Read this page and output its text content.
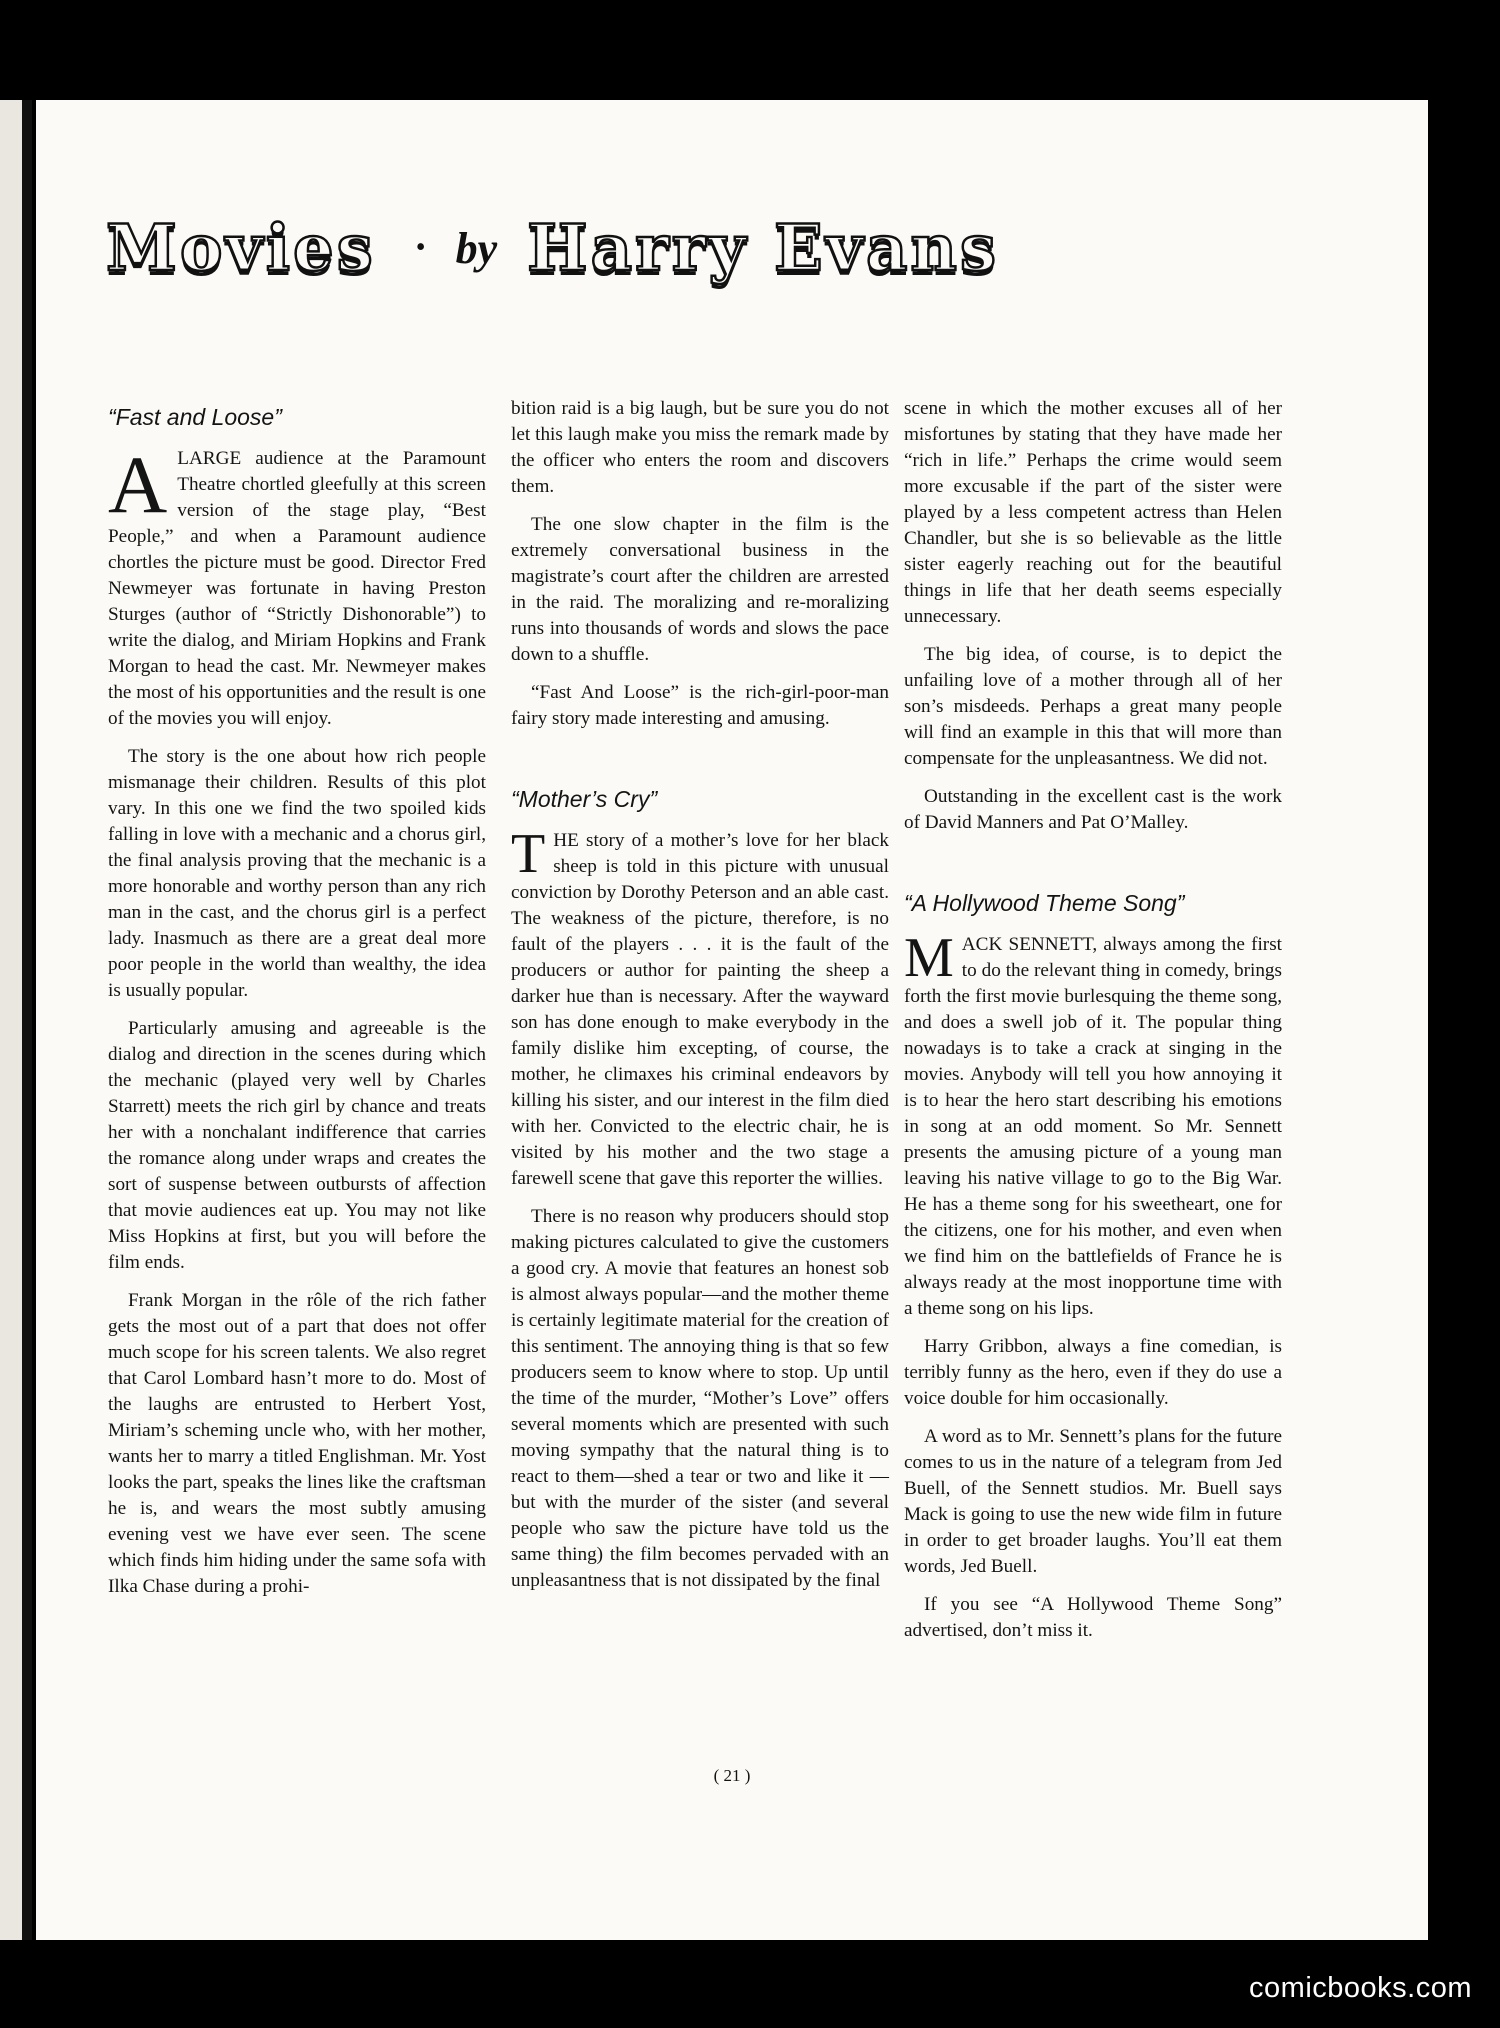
Movies • by Harry Evans
“Fast and Loose”

ALARGE audience at the Paramount Theatre chortled gleefully at this screen version of the stage play, “Best People,” and when a Paramount audience chortles the picture must be good. Director Fred Newmeyer was fortunate in having Preston Sturges (author of “Strictly Dishonorable”) to write the dialog, and Miriam Hopkins and Frank Morgan to head the cast. Mr. Newmeyer makes the most of his opportunities and the result is one of the movies you will enjoy.

The story is the one about how rich people mismanage their children. Results of this plot vary. In this one we find the two spoiled kids falling in love with a mechanic and a chorus girl, the final analysis proving that the mechanic is a more honorable and worthy person than any rich man in the cast, and the chorus girl is a perfect lady. Inasmuch as there are a great deal more poor people in the world than wealthy, the idea is usually popular.

Particularly amusing and agreeable is the dialog and direction in the scenes during which the mechanic (played very well by Charles Starrett) meets the rich girl by chance and treats her with a nonchalant indifference that carries the romance along under wraps and creates the sort of suspense between outbursts of affection that movie audiences eat up. You may not like Miss Hopkins at first, but you will before the film ends.

Frank Morgan in the rôle of the rich father gets the most out of a part that does not offer much scope for his screen talents. We also regret that Carol Lombard hasn’t more to do. Most of the laughs are entrusted to Herbert Yost, Miriam’s scheming uncle who, with her mother, wants her to marry a titled Englishman. Mr. Yost looks the part, speaks the lines like the craftsman he is, and wears the most subtly amusing evening vest we have ever seen. The scene which finds him hiding under the same sofa with Ilka Chase during a prohi-

bition raid is a big laugh, but be sure you do not let this laugh make you miss the remark made by the officer who enters the room and discovers them.

The one slow chapter in the film is the extremely conversational business in the magistrate’s court after the children are arrested in the raid. The moralizing and re-moralizing runs into thousands of words and slows the pace down to a shuffle.

“Fast And Loose” is the rich-girl-poor-man fairy story made interesting and amusing.

“Mother’s Cry”

THE story of a mother’s love for her black sheep is told in this picture with unusual conviction by Dorothy Peterson and an able cast. The weakness of the picture, therefore, is no fault of the players . . . it is the fault of the producers or author for painting the sheep a darker hue than is necessary. After the wayward son has done enough to make everybody in the family dislike him excepting, of course, the mother, he climaxes his criminal endeavors by killing his sister, and our interest in the film died with her. Convicted to the electric chair, he is visited by his mother and the two stage a farewell scene that gave this reporter the willies.

There is no reason why producers should stop making pictures calculated to give the customers a good cry. A movie that features an honest sob is almost always popular—and the mother theme is certainly legitimate material for the creation of this sentiment. The annoying thing is that so few producers seem to know where to stop. Up until the time of the murder, “Mother’s Love” offers several moments which are presented with such moving sympathy that the natural thing is to react to them—shed a tear or two and like it —but with the murder of the sister (and several people who saw the picture have told us the same thing) the film becomes pervaded with an unpleasantness that is not dissipated by the final

scene in which the mother excuses all of her misfortunes by stating that they have made her “rich in life.” Perhaps the crime would seem more excusable if the part of the sister were played by a less competent actress than Helen Chandler, but she is so believable as the little sister eagerly reaching out for the beautiful things in life that her death seems especially unnecessary.

The big idea, of course, is to depict the unfailing love of a mother through all of her son’s misdeeds. Perhaps a great many people will find an example in this that will more than compensate for the unpleasantness. We did not.

Outstanding in the excellent cast is the work of David Manners and Pat O’Malley.

“A Hollywood Theme Song”

MACK SENNETT, always among the first to do the relevant thing in comedy, brings forth the first movie burlesquing the theme song, and does a swell job of it. The popular thing nowadays is to take a crack at singing in the movies. Anybody will tell you how annoying it is to hear the hero start describing his emotions in song at an odd moment. So Mr. Sennett presents the amusing picture of a young man leaving his native village to go to the Big War. He has a theme song for his sweetheart, one for the citizens, one for his mother, and even when we find him on the battlefields of France he is always ready at the most inopportune time with a theme song on his lips.

Harry Gribbon, always a fine comedian, is terribly funny as the hero, even if they do use a voice double for him occasionally.

A word as to Mr. Sennett’s plans for the future comes to us in the nature of a telegram from Jed Buell, of the Sennett studios. Mr. Buell says Mack is going to use the new wide film in future in order to get broader laughs. You’ll eat them words, Jed Buell.

If you see “A Hollywood Theme Song” advertised, don’t miss it.

( 21 )
comicbooks.com
